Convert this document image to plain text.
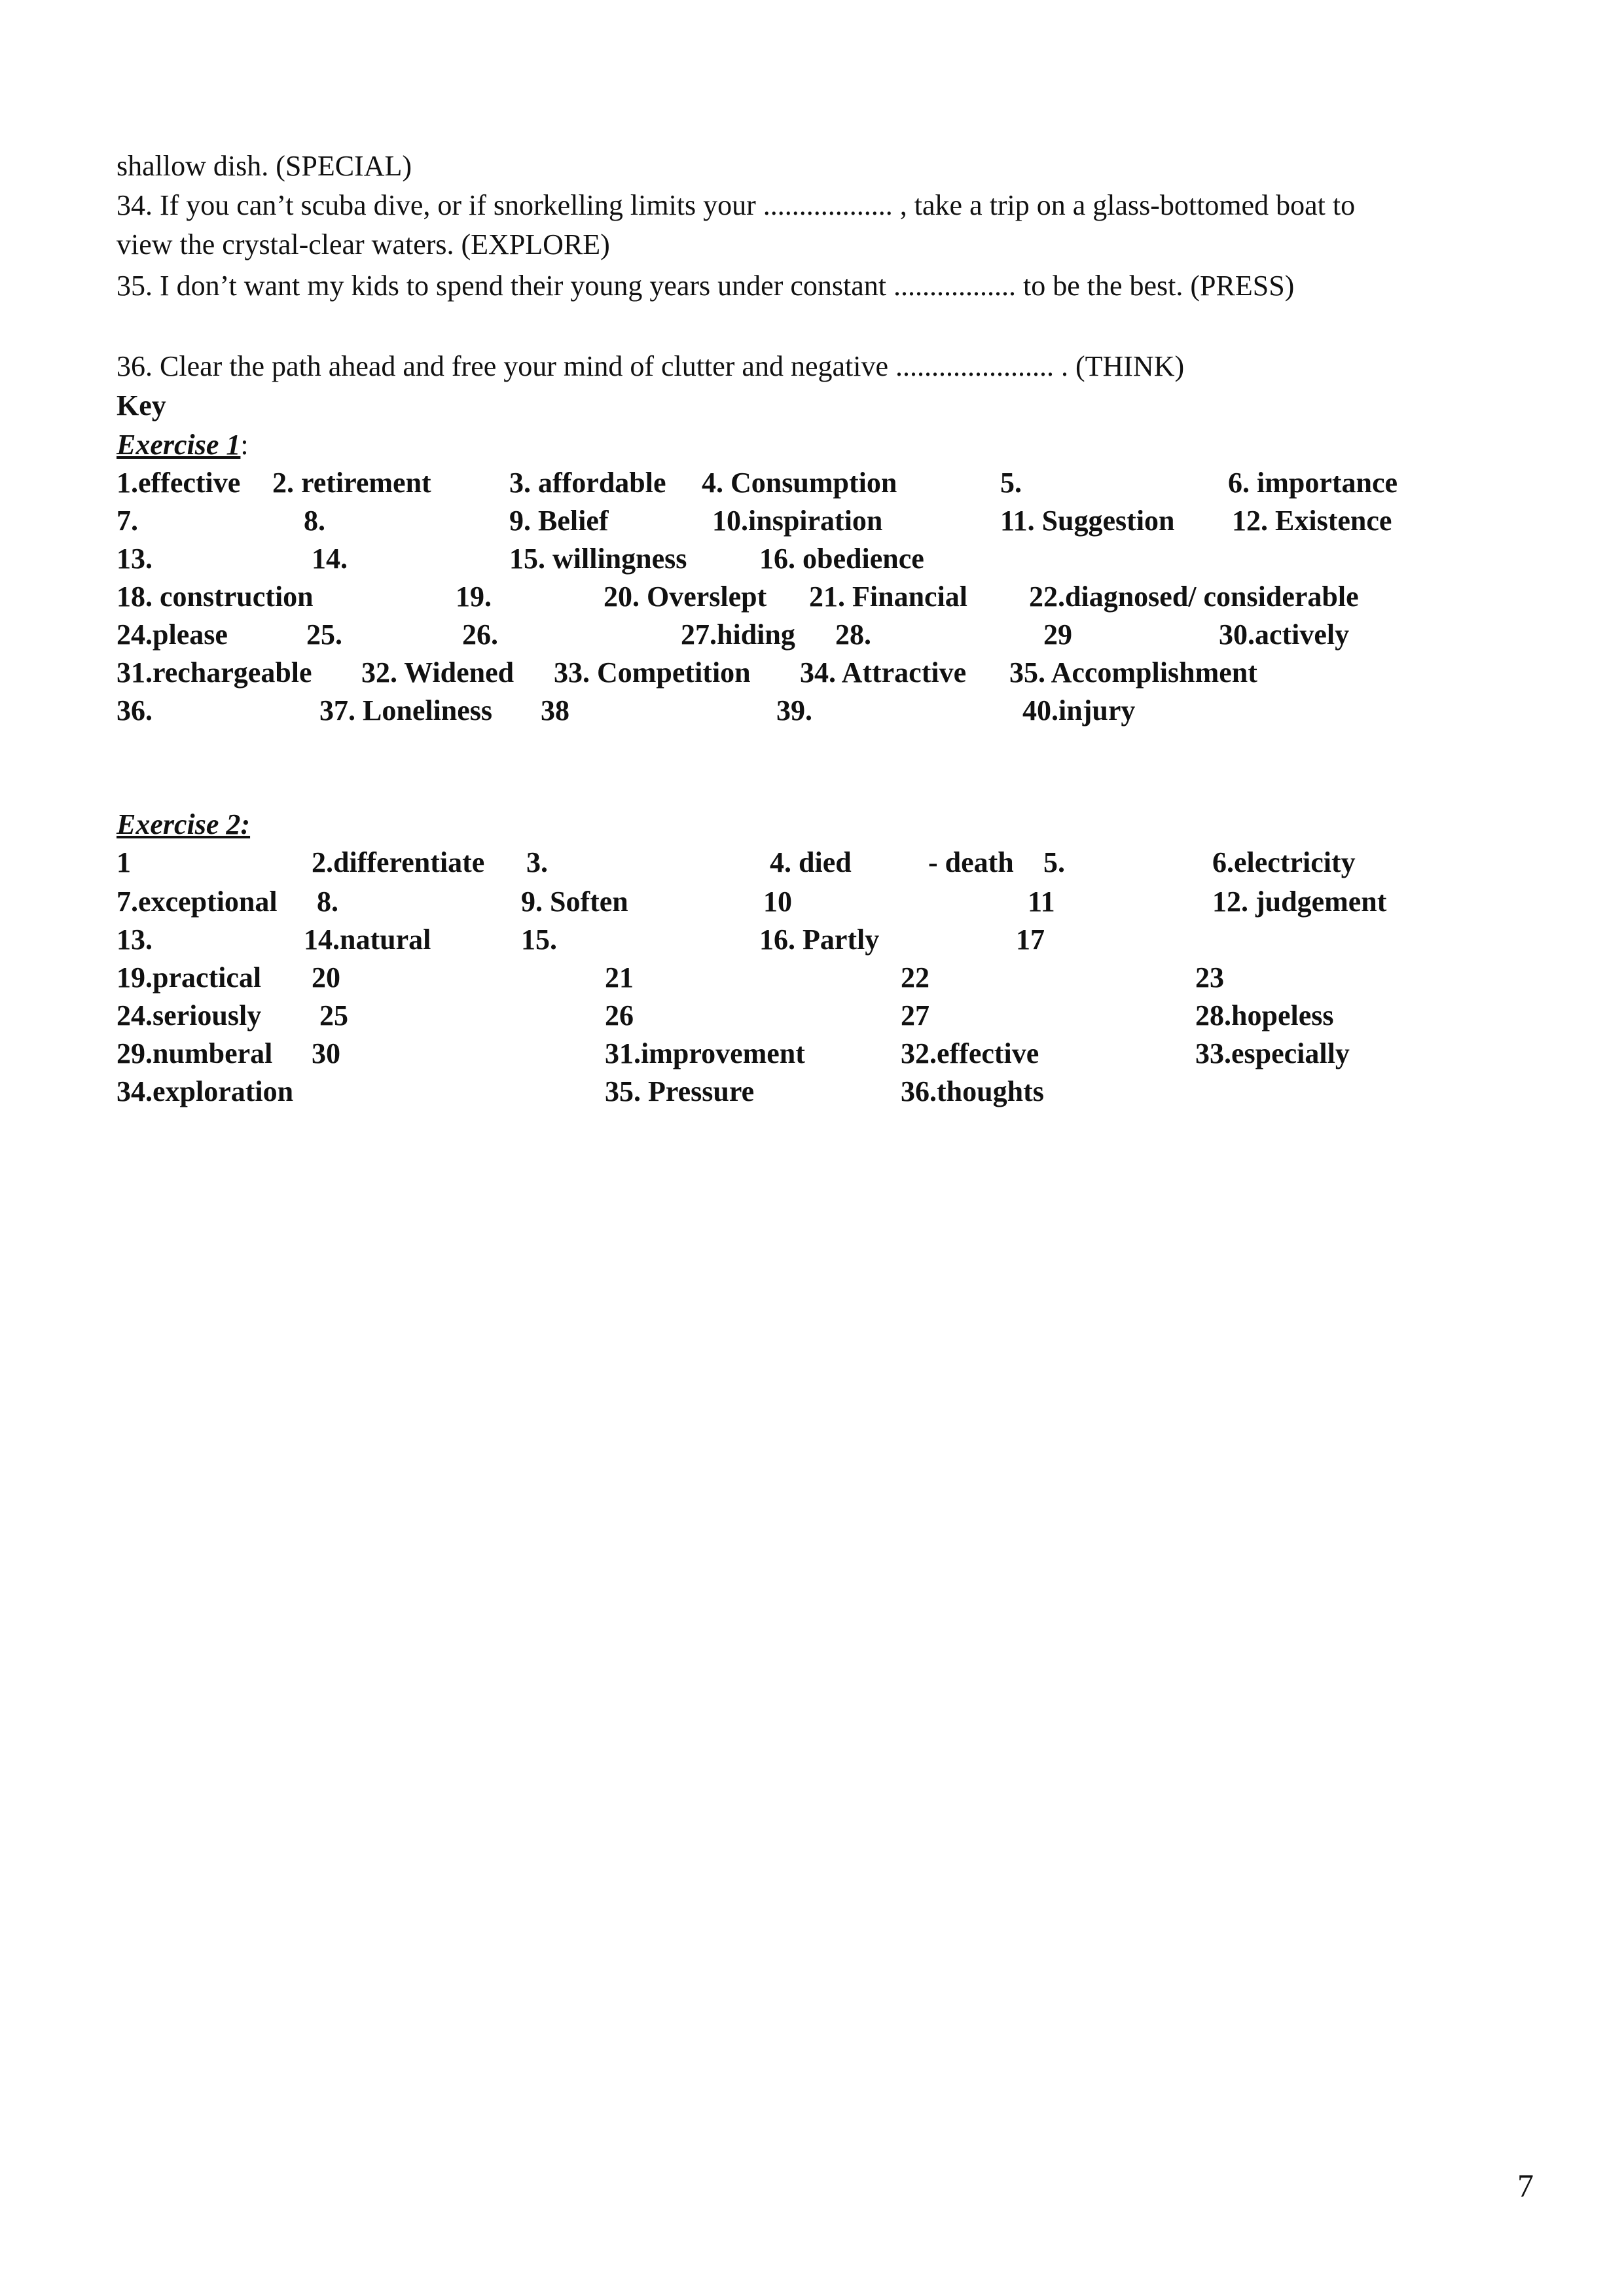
shallow dish. (SPECIAL)
34. If you can’t scuba dive, or if snorkelling limits your .................. , take a trip on a glass-bottomed boat to
view the crystal-clear waters. (EXPLORE)
35. I don’t want my kids to spend their young years under constant ................. to be the best. (PRESS)
36. Clear the path ahead and free your mind of clutter and negative ...................... . (THINK)
Key
Exercise 1:
1.effective 2. retirement	3. affordable 4. Consumption	5.	6. importance
7.	8.	9. Belief	10.inspiration	11. Suggestion 12. Existence
13.	14.	15. willingness	16. obedience
18. construction	19.	20. Overslept 21. Financial 22.diagnosed/ considerable
24.please	25.	26.	27.hiding 28.	29	30.actively
31.rechargeable 32. Widened 33. Competition 34. Attractive 35. Accomplishment
36.	37. Loneliness 38	39.	40.injury
Exercise 2:
1	2.differentiate 3.	4. died	- death 5.	6.electricity
7.exceptional 8.	9. Soften	10	11	12. judgement
13.	14.natural	15.	16. Partly	17
19.practical 20	21	22	23
24.seriously 25	26	27	28.hopeless
29.numberal 30	31.improvement	32.effective	33.especially
34.exploration	35. Pressure	36.thoughts
7
